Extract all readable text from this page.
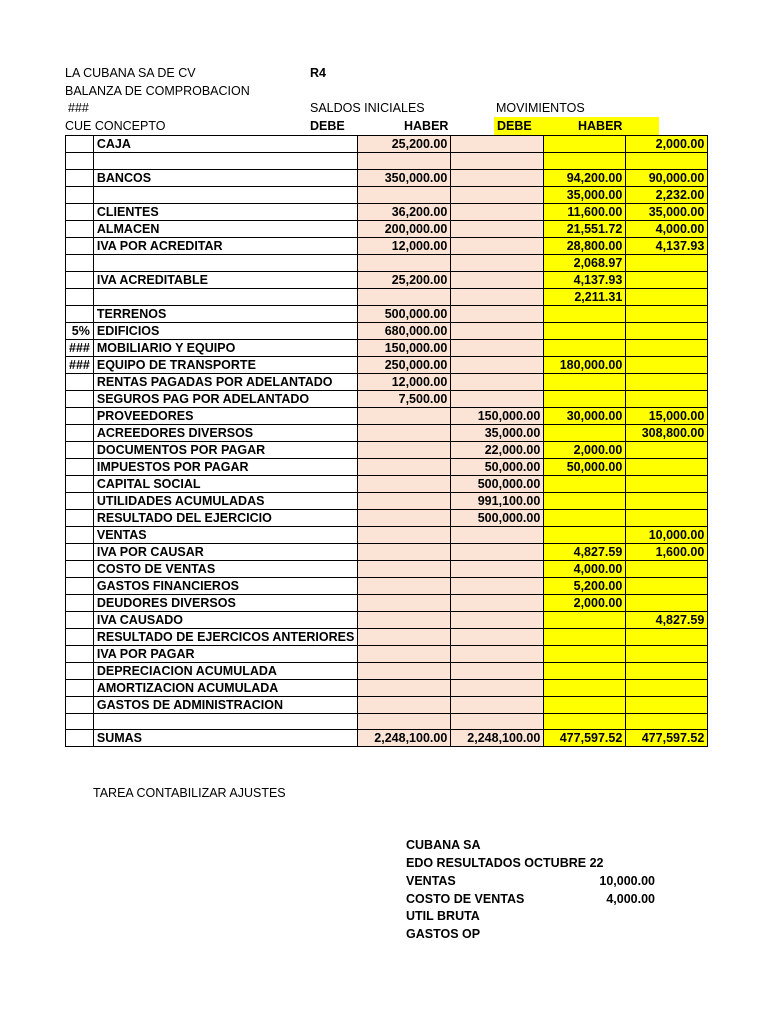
LA CUBANA SA DE CV	R4
BALANZA DE COMPROBACION
###	SALDOS INICIALES	MOVIMIENTOS
CUE CONCEPTO	DEBE	HABER	DEBE	HABER
	CAJA	25,200.00			2,000.00

	BANCOS	350,000.00		94,200.00	90,000.00
				35,000.00	2,232.00
	CLIENTES	36,200.00		11,600.00	35,000.00
	ALMACEN	200,000.00		21,551.72	4,000.00
	IVA POR ACREDITAR	12,000.00		28,800.00	4,137.93
				2,068.97	
	IVA ACREDITABLE	25,200.00		4,137.93	
				2,211.31	
	TERRENOS	500,000.00			
5%	EDIFICIOS	680,000.00			
###	MOBILIARIO Y EQUIPO	150,000.00			
###	EQUIPO DE TRANSPORTE	250,000.00		180,000.00	
	RENTAS PAGADAS POR ADELANTADO	12,000.00			
	SEGUROS PAG POR ADELANTADO	7,500.00			
	PROVEEDORES		150,000.00	30,000.00	15,000.00
	ACREEDORES DIVERSOS		35,000.00		308,800.00
	DOCUMENTOS POR PAGAR		22,000.00	2,000.00	
	IMPUESTOS POR PAGAR		50,000.00	50,000.00	
	CAPITAL SOCIAL		500,000.00		
	UTILIDADES ACUMULADAS		991,100.00		
	RESULTADO DEL EJERCICIO		500,000.00		
	VENTAS				10,000.00
	IVA POR CAUSAR			4,827.59	1,600.00
	COSTO DE VENTAS			4,000.00	
	GASTOS FINANCIEROS			5,200.00	
	DEUDORES DIVERSOS			2,000.00	
	IVA CAUSADO				4,827.59
	RESULTADO DE EJERCICOS ANTERIORES				
	IVA POR PAGAR				
	DEPRECIACION ACUMULADA				
	AMORTIZACION ACUMULADA				
	GASTOS DE ADMINISTRACION				

	SUMAS	2,248,100.00	2,248,100.00	477,597.52	477,597.52
TAREA CONTABILIZAR AJUSTES
CUBANA SA
EDO RESULTADOS OCTUBRE 22
VENTAS	10,000.00
COSTO DE VENTAS	4,000.00
UTIL BRUTA
GASTOS OP
